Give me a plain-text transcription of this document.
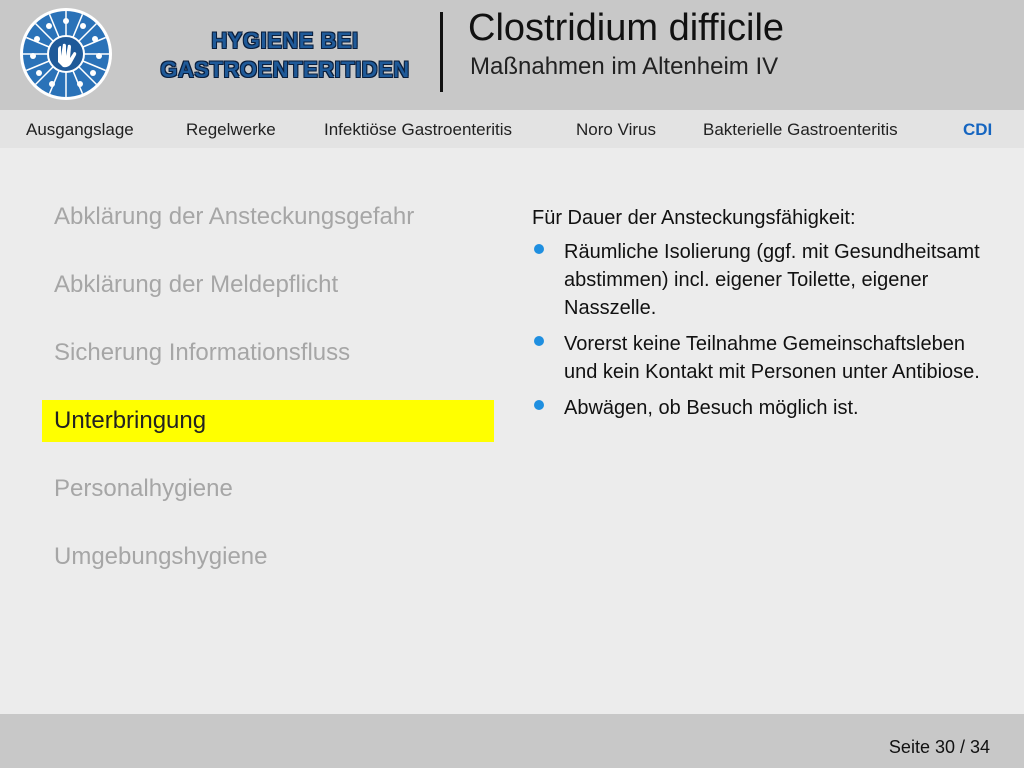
HYGIENE BEI
GASTROENTERITIDEN
Clostridium difficile
Maßnahmen im Altenheim IV
Ausgangslage	Regelwerke	Infektiöse Gastroenteritis	Noro Virus	Bakterielle Gastroenteritis	CDI
Abklärung der Ansteckungsgefahr
Abklärung der Meldepflicht
Sicherung Informationsfluss
Unterbringung
Personalhygiene
Umgebungshygiene
Für Dauer der Ansteckungsfähigkeit:
Räumliche Isolierung (ggf. mit Gesundheitsamt abstimmen) incl. eigener Toilette, eigener Nasszelle.
Vorerst keine Teilnahme Gemeinschaftsleben und kein Kontakt mit Personen unter Antibiose.
Abwägen, ob Besuch möglich ist.
Seite 30 / 34
